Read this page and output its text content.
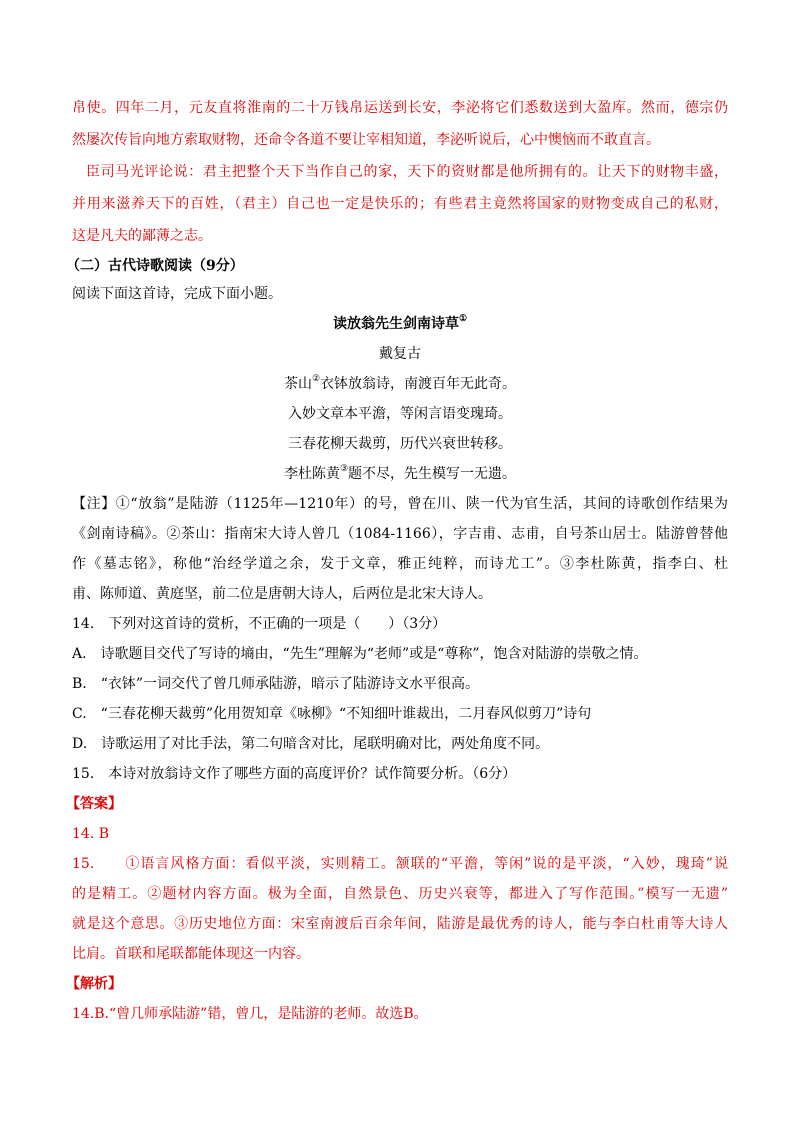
帛使。四年二月，元友直将淮南的二十万钱帛运送到长安，李泌将它们悉数送到大盈库。然而，德宗仍
然屡次传旨向地方索取财物，还命令各道不要让宰相知道，李泌听说后，心中懊恼而不敢直言。
臣司马光评论说：君主把整个天下当作自己的家，天下的资财都是他所拥有的。让天下的财物丰盛，
并用来滋养天下的百姓，（君主）自己也一定是快乐的；有些君主竟然将国家的财物变成自己的私财，
这是凡夫的鄙薄之志。
（二）古代诗歌阅读（9分）
阅读下面这首诗，完成下面小题。
读放翁先生剑南诗草①
戴复古
茶山②衣钵放翁诗，南渡百年无此奇。
入妙文章本平澹，等闲言语变瑰琦。
三春花柳天裁剪，历代兴衰世转移。
李杜陈黄③题不尽，先生模写一无遗。
【注】①“放翁”是陆游（1125年—1210年）的号，曾在川、陕一代为官生活，其间的诗歌创作结果为
《剑南诗稿》。②茶山：指南宋大诗人曾几（1084-1166），字吉甫、志甫，自号茶山居士。陆游曾替他
作《墓志铭》，称他“治经学道之余，发于文章，雅正纯粹，而诗尤工”。③李杜陈黄，指李白、杜
甫、陈师道、黄庭坚，前二位是唐朝大诗人，后两位是北宋大诗人。
14.　下列对这首诗的赏析，不正确的一项是（　　）（3分）
A.　诗歌题目交代了写诗的墒由，“先生”理解为“老师”或是“尊称”，饱含对陆游的崇敬之情。
B.　“衣钵”一词交代了曾几师承陆游，暗示了陆游诗文水平很高。
C.　“三春花柳天裁剪”化用贺知章《咏柳》“不知细叶谁裁出，二月春风似剪刀”诗句
D.　诗歌运用了对比手法，第二句暗含对比，尾联明确对比，两处角度不同。
15.　本诗对放翁诗文作了哪些方面的高度评价？试作简要分析。（6分）
【答案】
14. B
15.　　①语言风格方面：看似平淡，实则精工。颔联的“平澹，等闲”说的是平淡，“入妙，瑰琦”说
的是精工。②题材内容方面。极为全面，自然景色、历史兴衰等，都进入了写作范围。”模写一无遗”
就是这个意思。③历史地位方面：宋室南渡后百余年间，陆游是最优秀的诗人，能与李白杜甫等大诗人
比肩。首联和尾联都能体现这一内容。
【解析】
14.B.“曾几师承陆游”错，曾几，是陆游的老师。故选B。
